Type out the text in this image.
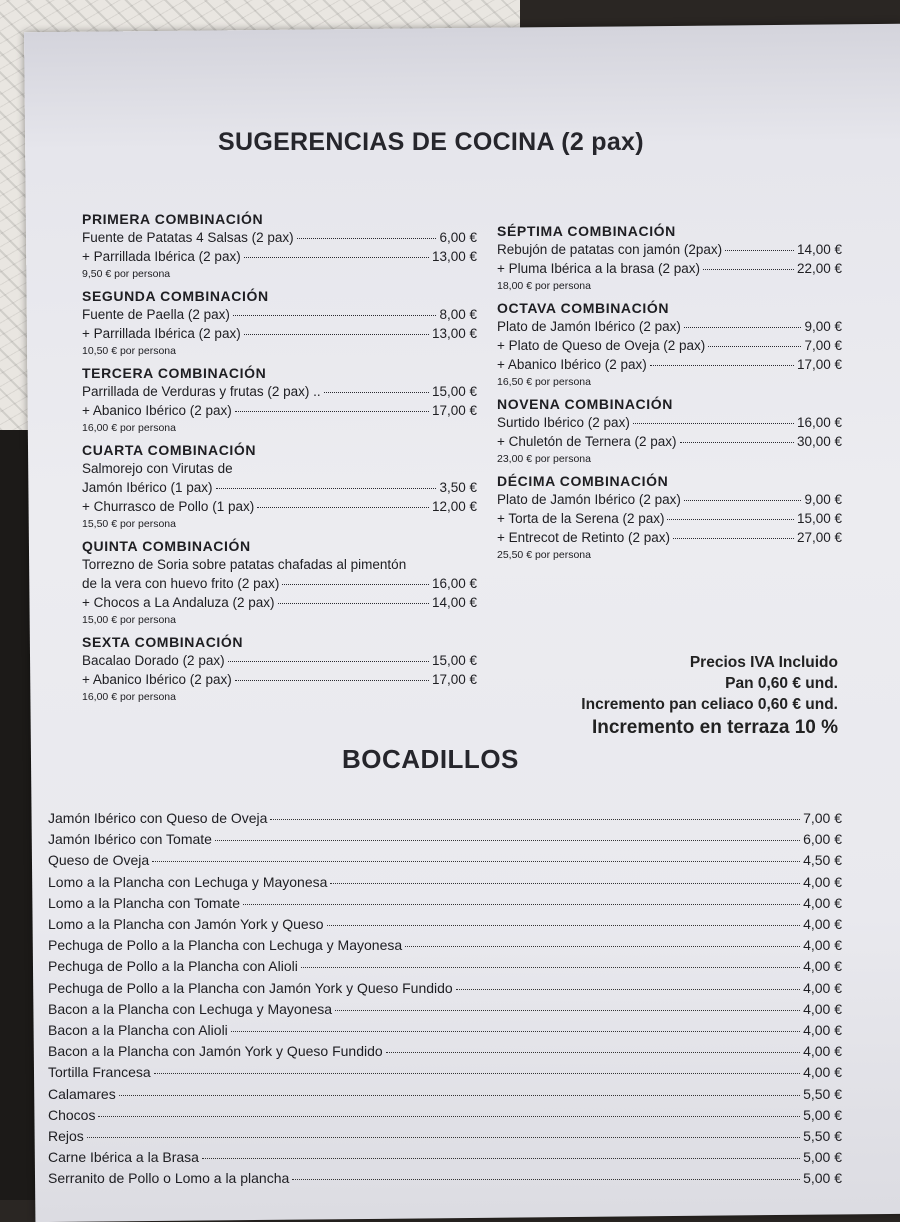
SUGERENCIAS DE COCINA (2 pax)
PRIMERA COMBINACIÓN
Fuente de Patatas 4 Salsas (2 pax)	6,00 €
+ Parrillada Ibérica (2 pax)	13,00 €
9,50 € por persona
SEGUNDA COMBINACIÓN
Fuente de Paella (2 pax)	8,00 €
+ Parrillada Ibérica (2 pax)	13,00 €
10,50 € por persona
TERCERA COMBINACIÓN
Parrillada de Verduras y frutas (2 pax) ..	15,00 €
+ Abanico Ibérico (2 pax)	17,00 €
16,00 € por persona
CUARTA COMBINACIÓN
Salmorejo con Virutas de
Jamón Ibérico (1 pax)	3,50 €
+ Churrasco de Pollo (1 pax)	12,00 €
15,50 € por persona
QUINTA COMBINACIÓN
Torrezno de Soria sobre patatas chafadas al pimentón
de la vera con huevo frito (2 pax)	16,00 €
+ Chocos a La Andaluza (2 pax)	14,00 €
15,00 € por persona
SEXTA COMBINACIÓN
Bacalao Dorado (2 pax)	15,00 €
+ Abanico Ibérico (2 pax)	17,00 €
16,00 € por persona
SÉPTIMA COMBINACIÓN
Rebujón de patatas con jamón (2pax)	14,00 €
+ Pluma Ibérica a la brasa (2 pax)	22,00 €
18,00 € por persona
OCTAVA COMBINACIÓN
Plato de Jamón Ibérico (2 pax)	9,00 €
+ Plato de Queso de Oveja (2 pax)	7,00 €
+ Abanico Ibérico (2 pax)	17,00 €
16,50 € por persona
NOVENA COMBINACIÓN
Surtido Ibérico (2 pax)	16,00 €
+ Chuletón de Ternera (2 pax)	30,00 €
23,00 € por persona
DÉCIMA COMBINACIÓN
Plato de Jamón Ibérico (2 pax)	9,00 €
+ Torta de la Serena (2 pax)	15,00 €
+ Entrecot de Retinto (2 pax)	27,00 €
25,50 € por persona
Precios IVA Incluido
Pan 0,60 € und.
Incremento pan celiaco 0,60 € und.
Incremento en terraza 10 %
BOCADILLOS
Jamón Ibérico con Queso de Oveja	7,00 €
Jamón Ibérico con Tomate	6,00 €
Queso de Oveja	4,50 €
Lomo a la Plancha con Lechuga y Mayonesa	4,00 €
Lomo a la Plancha con Tomate	4,00 €
Lomo a la Plancha con Jamón York y Queso	4,00 €
Pechuga de Pollo a la Plancha con Lechuga y Mayonesa	4,00 €
Pechuga de Pollo a la Plancha con Alioli	4,00 €
Pechuga de Pollo a la Plancha con Jamón York y Queso Fundido	4,00 €
Bacon a la Plancha con Lechuga y Mayonesa	4,00 €
Bacon a la Plancha con Alioli	4,00 €
Bacon a la Plancha con Jamón York y Queso Fundido	4,00 €
Tortilla Francesa	4,00 €
Calamares	5,50 €
Chocos	5,00 €
Rejos	5,50 €
Carne Ibérica a la Brasa	5,00 €
Serranito de Pollo o Lomo a la plancha	5,00 €
